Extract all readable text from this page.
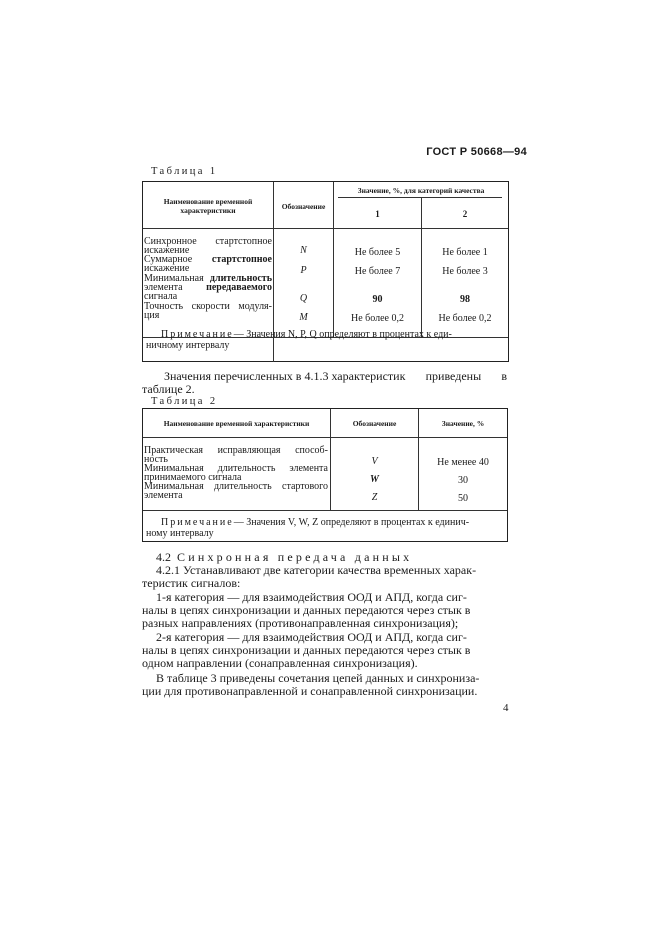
ГОСТ Р 50668—94
Таблица 1
Наименование временной
характеристики	Обозначение
Значение, %, для категорий качества
1	2
Синхронное стартстопное
искажение	N	Не более 5	Не более 1
Суммарное стартстопное
искажение	P	Не более 7	Не более 3
Минимальная длительность
элемента передаваемого
сигнала	Q	90	98
Точность скорости модуля-
ция	M	Не более 0,2	Не более 0,2
Примечание— Значения N, P, Q определяют в процентах к еди-
ничному интервалу
Значения перечисленных в 4.1.3 характеристик приведены в
таблице 2.
Таблица 2
Наименование временной характеристики	Обозначение	Значение, %
Практическая исправляющая способ-
ность	V	Не менее 40
Минимальная длительность элемента
принимаемого сигнала	W	30
Минимальная длительность стартового
элемента	Z	50
Примечание— Значения V, W, Z определяют в процентах к единич-
ному интервалу
4.2 Синхронная передача данных
4.2.1 Устанавливают две категории качества временных харак-
теристик сигналов:
1-я категория — для взаимодействия ООД и АПД, когда сиг-
налы в цепях синхронизации и данных передаются через стык в
разных направлениях (противонаправленная синхронизация);
2-я категория — для взаимодействия ООД и АПД, когда сиг-
налы в цепях синхронизации и данных передаются через стык в
одном направлении (сонаправленная синхронизация).
В таблице 3 приведены сочетания цепей данных и синхрониза-
ции для противонаправленной и сонаправленной синхронизации.
4
